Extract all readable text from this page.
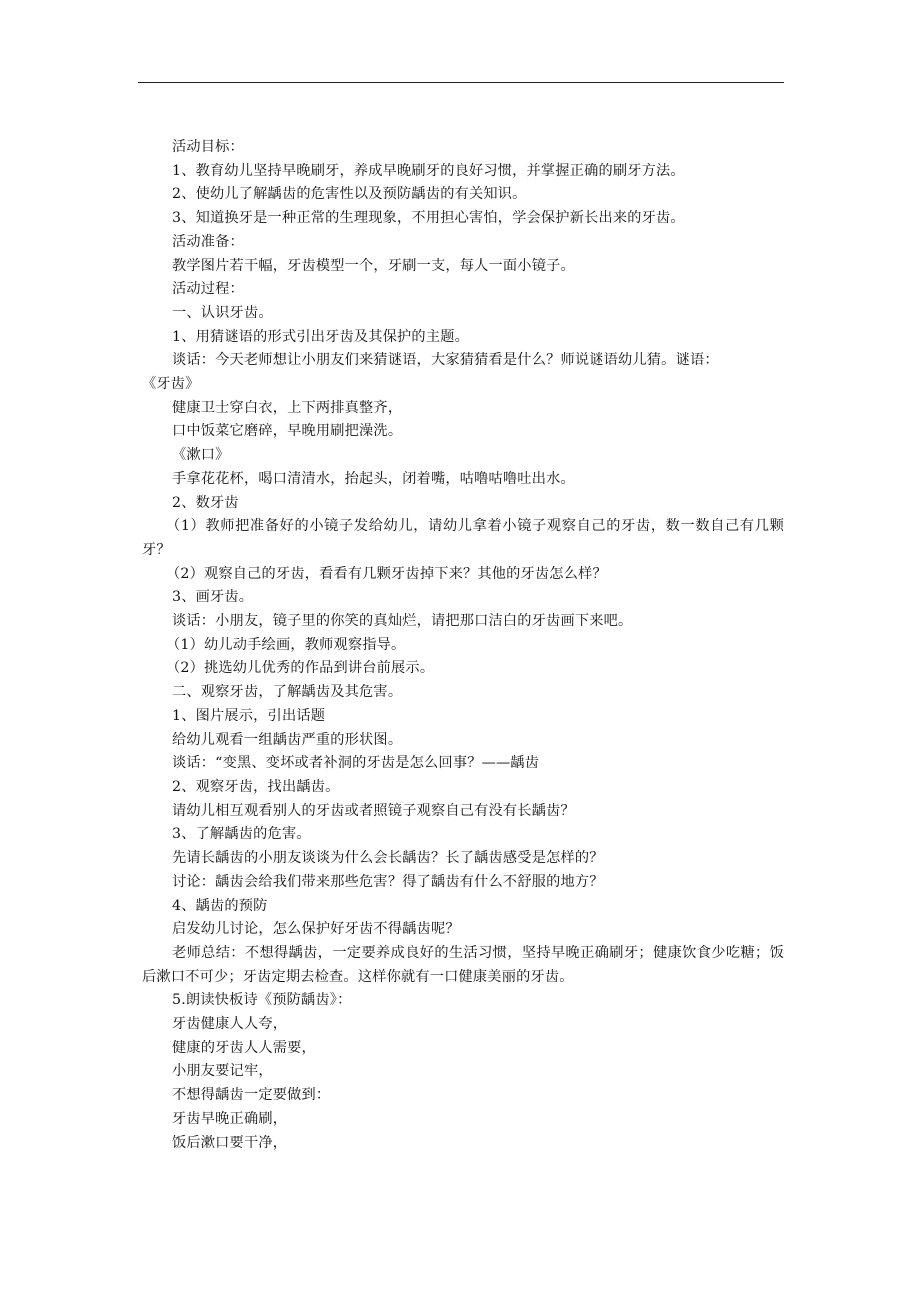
活动目标：

1、教育幼儿坚持早晚刷牙，养成早晚刷牙的良好习惯，并掌握正确的刷牙方法。

2、使幼儿了解龋齿的危害性以及预防龋齿的有关知识。

3、知道换牙是一种正常的生理现象，不用担心害怕，学会保护新长出来的牙齿。

活动准备：

教学图片若干幅，牙齿模型一个，牙刷一支，每人一面小镜子。

活动过程：

一、认识牙齿。

1、用猜谜语的形式引出牙齿及其保护的主题。

谈话：今天老师想让小朋友们来猜谜语，大家猜猜看是什么？师说谜语幼儿猜。谜语：

《牙齿》

健康卫士穿白衣，上下两排真整齐，

口中饭菜它磨碎，早晚用刷把澡洗。

《漱口》

手拿花花杯，喝口清清水，抬起头，闭着嘴，咕噜咕噜吐出水。

2、数牙齿

（1）教师把准备好的小镜子发给幼儿，请幼儿拿着小镜子观察自己的牙齿，数一数自己有几颗牙？

（2）观察自己的牙齿，看看有几颗牙齿掉下来？其他的牙齿怎么样？

3、画牙齿。

谈话：小朋友，镜子里的你笑的真灿烂，请把那口洁白的牙齿画下来吧。

（1）幼儿动手绘画，教师观察指导。

（2）挑选幼儿优秀的作品到讲台前展示。

二、观察牙齿，了解龋齿及其危害。

1、图片展示，引出话题

给幼儿观看一组龋齿严重的形状图。

谈话：“变黑、变坏或者补洞的牙齿是怎么回事？——龋齿

2、观察牙齿，找出龋齿。

请幼儿相互观看别人的牙齿或者照镜子观察自己有没有长龋齿？

3、了解龋齿的危害。

先请长龋齿的小朋友谈谈为什么会长龋齿？长了龋齿感受是怎样的？

讨论：龋齿会给我们带来那些危害？得了龋齿有什么不舒服的地方？

4、龋齿的预防

启发幼儿讨论，怎么保护好牙齿不得龋齿呢？

老师总结：不想得龋齿，一定要养成良好的生活习惯，坚持早晚正确刷牙；健康饮食少吃糖；饭后漱口不可少；牙齿定期去检查。这样你就有一口健康美丽的牙齿。

5.朗读快板诗《预防龋齿》：

牙齿健康人人夸，

健康的牙齿人人需要，

小朋友要记牢，

不想得龋齿一定要做到：

牙齿早晚正确刷，

饭后漱口要干净，
